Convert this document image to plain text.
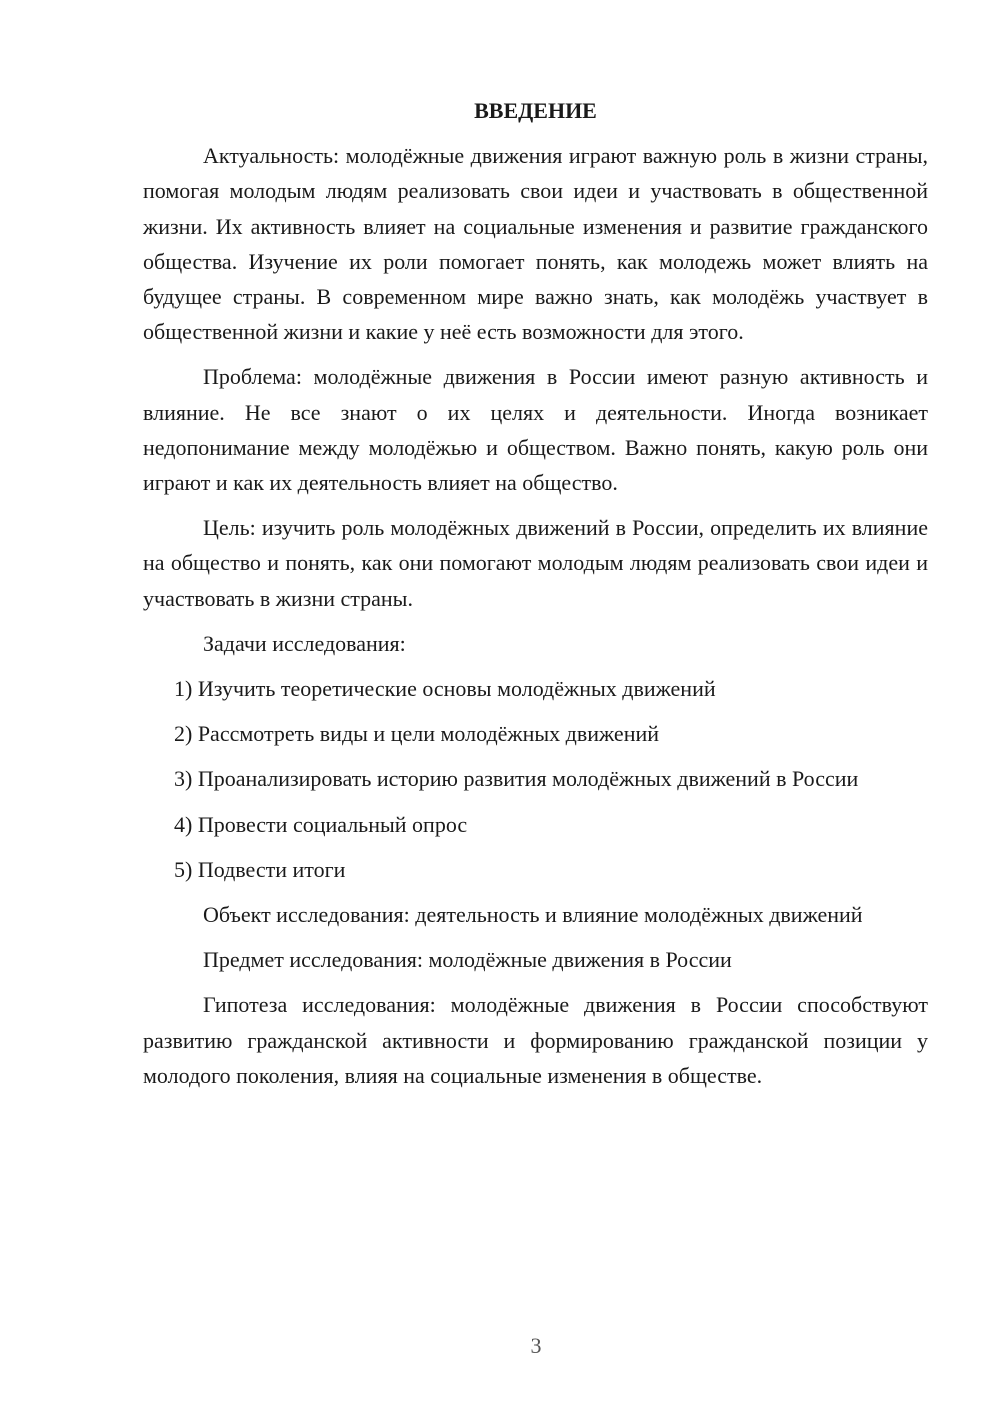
ВВЕДЕНИЕ

Актуальность: молодёжные движения играют важную роль в жизни страны, помогая молодым людям реализовать свои идеи и участвовать в общественной жизни. Их активность влияет на социальные изменения и развитие гражданского общества. Изучение их роли помогает понять, как молодежь может влиять на будущее страны. В современном мире важно знать, как молодёжь участвует в общественной жизни и какие у неё есть возможности для этого.

Проблема: молодёжные движения в России имеют разную активность и влияние. Не все знают о их целях и деятельности. Иногда возникает недопонимание между молодёжью и обществом. Важно понять, какую роль они играют и как их деятельность влияет на общество.

Цель: изучить роль молодёжных движений в России, определить их влияние на общество и понять, как они помогают молодым людям реализовать свои идеи и участвовать в жизни страны.

Задачи исследования:

1) Изучить теоретические основы молодёжных движений

2) Рассмотреть виды и цели молодёжных движений

3) Проанализировать историю развития молодёжных движений в России

4) Провести социальный опрос

5) Подвести итоги

Объект исследования: деятельность и влияние молодёжных движений

Предмет исследования: молодёжные движения в России

Гипотеза исследования: молодёжные движения в России способствуют развитию гражданской активности и формированию гражданской позиции у молодого поколения, влияя на социальные изменения в обществе.

3
